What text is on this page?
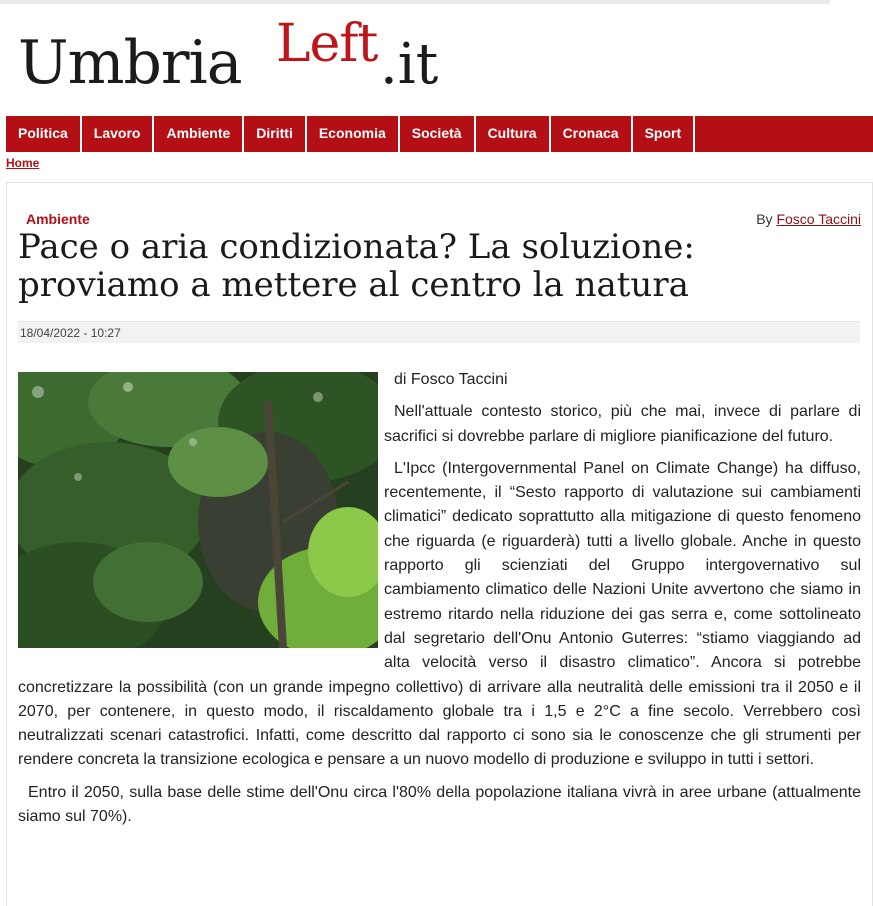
Umbria Left .it
Politica	Lavoro	Ambiente	Diritti	Economia	Società	Cultura	Cronaca	Sport
Home
Ambiente	By Fosco Taccini
Pace o aria condizionata? La soluzione: proviamo a mettere al centro la natura
18/04/2022 - 10:27

di Fosco Taccini

Nell'attuale contesto storico, più che mai, invece di parlare di sacrifici si dovrebbe parlare di migliore pianificazione del futuro.

L'Ipcc (Intergovernmental Panel on Climate Change) ha diffuso, recentemente, il “Sesto rapporto di valutazione sui cambiamenti climatici” dedicato soprattutto alla mitigazione di questo fenomeno che riguarda (e riguarderà) tutti a livello globale. Anche in questo rapporto gli scienziati del Gruppo intergovernativo sul cambiamento climatico delle Nazioni Unite avvertono che siamo in estremo ritardo nella riduzione dei gas serra e, come sottolineato dal segretario dell'Onu Antonio Guterres: “stiamo viaggiando ad alta velocità verso il disastro climatico”. Ancora si potrebbe concretizzare la possibilità (con un grande impegno collettivo) di arrivare alla neutralità delle emissioni tra il 2050 e il 2070, per contenere, in questo modo, il riscaldamento globale tra i 1,5 e 2°C a fine secolo. Verrebbero così neutralizzati scenari catastrofici. Infatti, come descritto dal rapporto ci sono sia le conoscenze che gli strumenti per rendere concreta la transizione ecologica e pensare a un nuovo modello di produzione e sviluppo in tutti i settori.

Entro il 2050, sulla base delle stime dell'Onu circa l'80% della popolazione italiana vivrà in aree urbane (attualmente siamo sul 70%).
